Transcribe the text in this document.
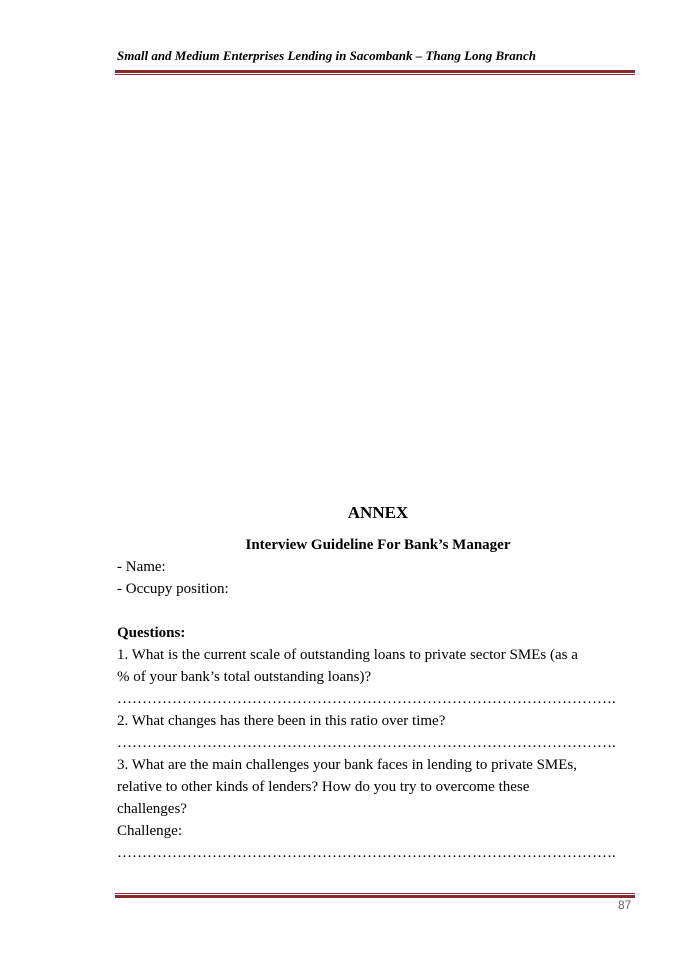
Small and Medium Enterprises Lending in Sacombank – Thang Long Branch

ANNEX

Interview Guideline For Bank’s Manager

- Name:

- Occupy position:

Questions:

1. What is the current scale of outstanding loans to private sector SMEs (as a

% of your bank’s total outstanding loans)?

……………………………………………………………………………………….

2. What changes has there been in this ratio over time?

……………………………………………………………………………………….

3. What are the main challenges your bank faces in lending to private SMEs,

relative to other kinds of lenders? How do you try to overcome these

challenges?

Challenge:

……………………………………………………………………………………….

87
